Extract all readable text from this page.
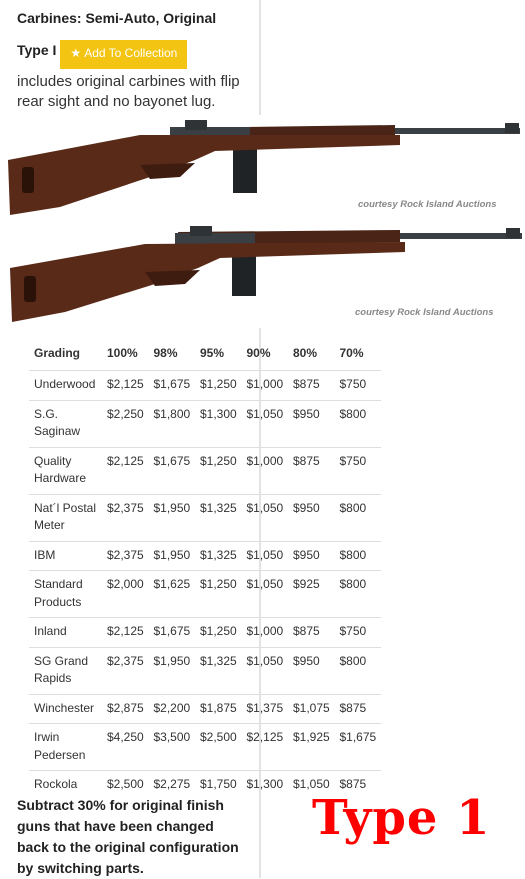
Carbines: Semi-Auto, Original
Type I	★ Add To Collection
includes original carbines with flip rear sight and no bayonet lug.
courtesy Rock Island Auctions
courtesy Rock Island Auctions
Grading	100%	98%	95%	90%	80%	70%
Underwood	$2,125	$1,675	$1,250	$1,000	$875	$750
S.G. Saginaw	$2,250	$1,800	$1,300	$1,050	$950	$800
Quality Hardware	$2,125	$1,675	$1,250	$1,000	$875	$750
Nat´l Postal Meter	$2,375	$1,950	$1,325	$1,050	$950	$800
IBM	$2,375	$1,950	$1,325	$1,050	$950	$800
Standard Products	$2,000	$1,625	$1,250	$1,050	$925	$800
Inland	$2,125	$1,675	$1,250	$1,000	$875	$750
SG Grand Rapids	$2,375	$1,950	$1,325	$1,050	$950	$800
Winchester	$2,875	$2,200	$1,875	$1,375	$1,075	$875
Irwin Pedersen	$4,250	$3,500	$2,500	$2,125	$1,925	$1,675
Rockola	$2,500	$2,275	$1,750	$1,300	$1,050	$875
Subtract 30% for original finish guns that have been changed back to the original configuration by switching parts.
Type 1
